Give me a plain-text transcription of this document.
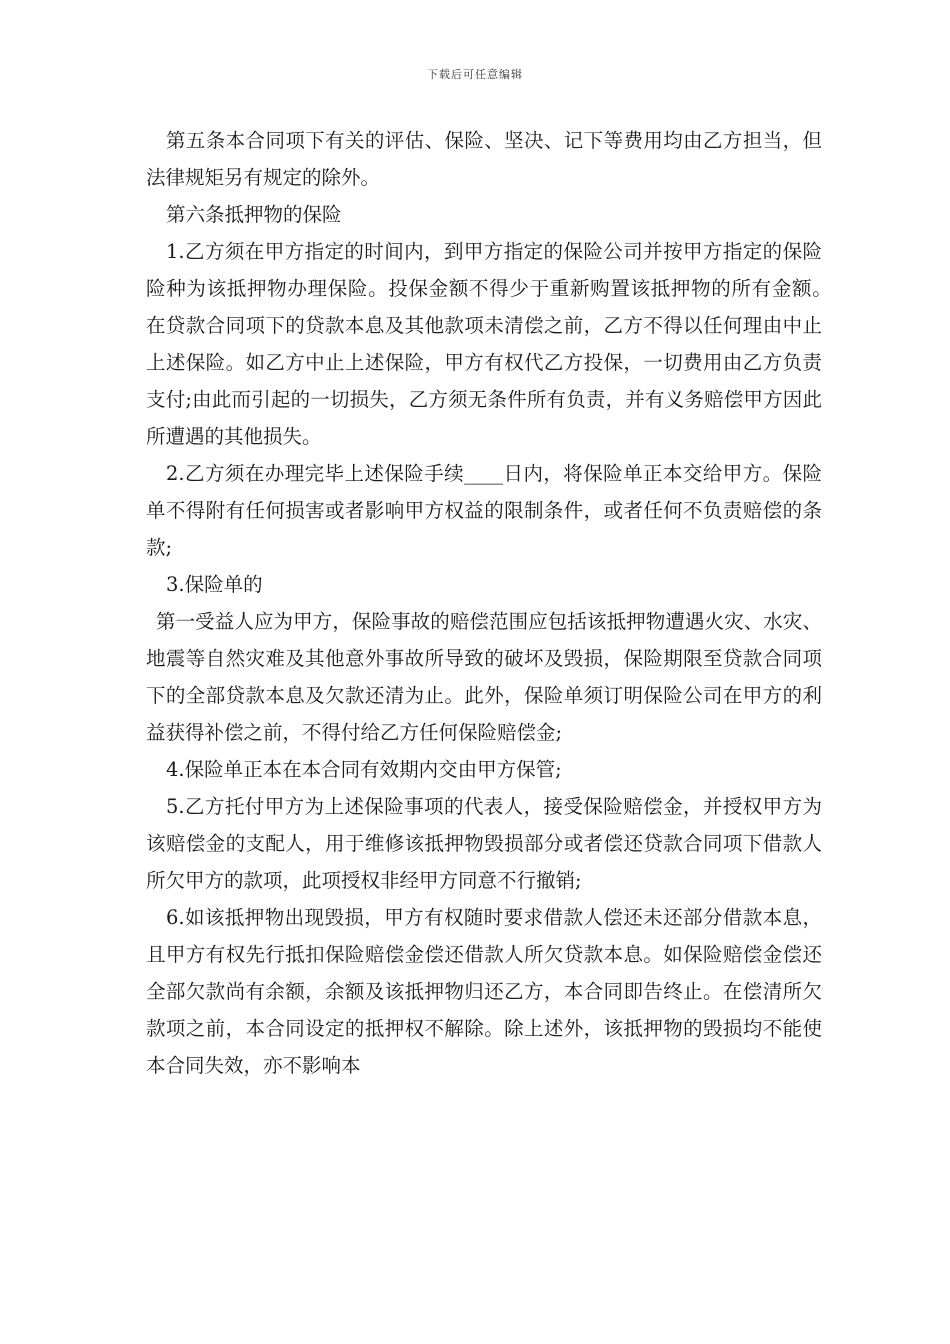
下载后可任意编辑

第五条本合同项下有关的评估、保险、坚决、记下等费用均由乙方担当，但法律规矩另有规定的除外。

第六条抵押物的保险

1.乙方须在甲方指定的时间内，到甲方指定的保险公司并按甲方指定的保险险种为该抵押物办理保险。投保金额不得少于重新购置该抵押物的所有金额。　　在贷款合同项下的贷款本息及其他款项未清偿之前，乙方不得以任何理由中止上述保险。如乙方中止上述保险，甲方有权代乙方投保，一切费用由乙方负责支付;由此而引起的一切损失，乙方须无条件所有负责，并有义务赔偿甲方因此所遭遇的其他损失。

2.乙方须在办理完毕上述保险手续____日内，将保险单正本交给甲方。保险单不得附有任何损害或者影响甲方权益的限制条件，或者任何不负责赔偿的条款;

3.保险单的

第一受益人应为甲方，保险事故的赔偿范围应包括该抵押物遭遇火灾、水灾、地震等自然灾难及其他意外事故所导致的破坏及毁损，保险期限至贷款合同项下的全部贷款本息及欠款还清为止。此外，保险单须订明保险公司在甲方的利益获得补偿之前，不得付给乙方任何保险赔偿金;

4.保险单正本在本合同有效期内交由甲方保管;

5.乙方托付甲方为上述保险事项的代表人，接受保险赔偿金，并授权甲方为该赔偿金的支配人，用于维修该抵押物毁损部分或者偿还贷款合同项下借款人所欠甲方的款项，此项授权非经甲方同意不行撤销;

6.如该抵押物出现毁损，甲方有权随时要求借款人偿还未还部分借款本息，且甲方有权先行抵扣保险赔偿金偿还借款人所欠贷款本息。如保险赔偿金偿还全部欠款尚有余额，余额及该抵押物归还乙方，本合同即告终止。在偿清所欠款项之前，本合同设定的抵押权不解除。除上述外，该抵押物的毁损均不能使本合同失效，亦不影响本
